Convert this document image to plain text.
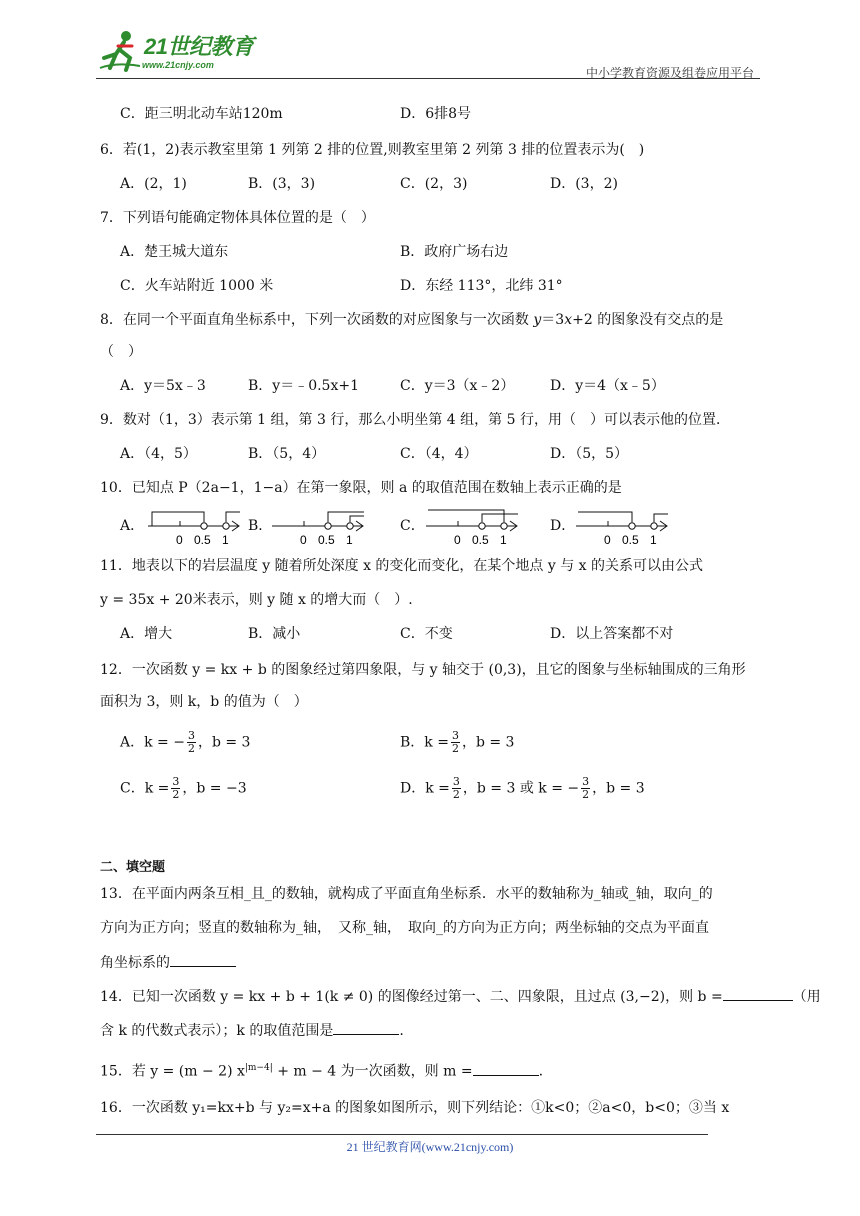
21世纪教育
www.21cnjy.com
中小学教育资源及组卷应用平台
C．距三明北动车站120m	D．6排8号
6．若(1，2)表示教室里第 1 列第 2 排的位置,则教室里第 2 列第 3 排的位置表示为(　)
A．(2，1)	B．(3，3)	C．(2，3)	D．(3，2)
7．下列语句能确定物体具体位置的是（　）
A．楚王城大道东	B．政府广场右边
C．火车站附近 1000 米	D．东经 113°，北纬 31°
8．在同一个平面直角坐标系中，下列一次函数的对应图象与一次函数 y＝3x+2 的图象没有交点的是
（　）
A．y＝5x﹣3	B．y＝﹣0.5x+1	C．y＝3（x﹣2）	D．y＝4（x﹣5）
9．数对（1，3）表示第 1 组，第 3 行，那么小明坐第 4 组，第 5 行，用（　）可以表示他的位置．
A．（4，5）	B．（5，4）	C．（4，4）	D．（5，5）
10．已知点 P（2a−1，1−a）在第一象限，则 a 的取值范围在数轴上表示正确的是
A．	B．	C．	D．
0 0.5 1	0 0.5 1	0 0.5 1	0 0.5 1
11．地表以下的岩层温度 y 随着所处深度 x 的变化而变化，在某个地点 y 与 x 的关系可以由公式
y = 35x + 20米表示，则 y 随 x 的增大而（　）.
A．增大	B．减小	C．不变	D．以上答案都不对
12．一次函数 y = kx + b 的图象经过第四象限，与 y 轴交于 (0,3)，且它的图象与坐标轴围成的三角形
面积为 3，则 k，b 的值为（　）
A．k = − $\frac{3}{2}$ ，b = 3	B．$k = \frac{3}{2}$ ，b = 3
C．$k = \frac{3}{2}$ ，b = −3	D．$k = \frac{3}{2}$ ，b = 3 或 k = − $\frac{3}{2}$ ，b = 3
二、填空题
13．在平面内两条互相_且_的数轴，就构成了平面直角坐标系．水平的数轴称为_轴或_轴，取向_的
方向为正方向；竖直的数轴称为_轴，　又称_轴，　取向_的方向为正方向；两坐标轴的交点为平面直
角坐标系的
14．已知一次函数 y = kx + b + 1(k ≠ 0) 的图像经过第一、二、四象限，且过点 (3,−2)，则 b =	（用
含 k 的代数式表示）；k 的取值范围是	.
15．若 y = (m − 2) $x^{|m-4|} + m - 4$ 为一次函数，则 m =	.
16．一次函数 y₁=kx+b 与 y₂=x+a 的图象如图所示，则下列结论：①k<0；②a<0，b<0；③当 x
21 世纪教育网(www.21cnjy.com)
